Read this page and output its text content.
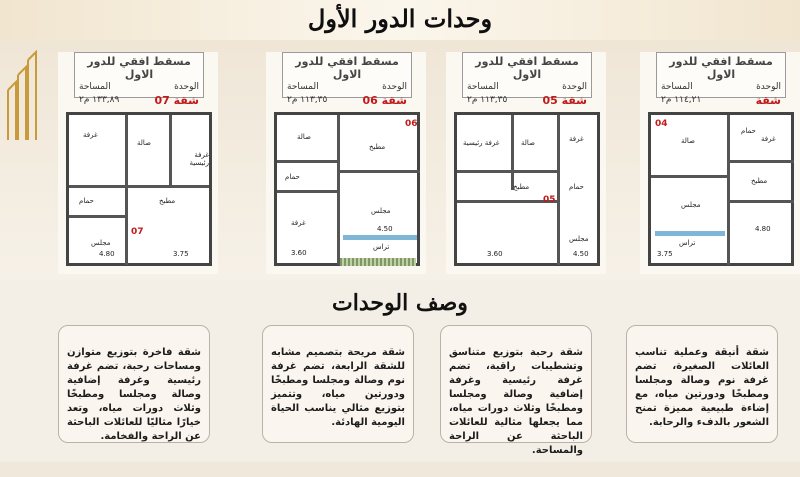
وحدات الدور الأول
مسقط افقي للدور الاول
الوحدة
المساحة
شقة 07
١٣٣,٨٩ م٢
غرفة
صالة
غرفة رئيسية
مطبخ
حمام
مجلس
4.80	3.75
07
مسقط افقي للدور الاول
الوحدة
المساحة
شقة 06
١١٣,٣٥ م٢
صالة
مطبخ
حمام
غرفة
مجلس
تراس
3.60
4.50
06
مسقط افقي للدور الاول
الوحدة
المساحة
شقة 05
١١٣,٣٥ م٢
غرفة رئيسية	صالة	غرفة
مطبخ	حمام
مجلس
3.60	4.50
05
مسقط افقي للدور الاول
الوحدة
المساحة
شقة
١١٤,٢١ م٢
صالة
حمام
غرفة
مطبخ
مجلس
تراس
3.75
4.80
04
وصف الوحدات
شقة فاخرة بتوزيع متوازن ومساحات رحبة، تضم غرفة رئيسية وغرفة إضافية وصالة ومجلسا ومطبخًا وثلاث دورات مياه، وتعد خيارًا مثاليًا للعائلات الباحثة عن الراحة والفخامة.
شقة مريحة بتصميم مشابه للشقة الرابعة، تضم غرفة نوم وصالة ومجلسا ومطبخًا ودورتين مياه، وتتميز بتوزيع مثالي يناسب الحياة اليومية الهادئة.
شقة رحبة بتوزيع متناسق وتشطيبات راقية، تضم غرفة رئيسية وغرفة إضافية وصالة ومجلسا ومطبخًا وثلاث دورات مياه، مما يجعلها مثالية للعائلات الباحثة عن الراحة والمساحة.
شقة أنيقة وعملية تناسب العائلات الصغيرة، تضم غرفة نوم وصالة ومجلسا ومطبخًا ودورتين مياه، مع إضاءة طبيعية مميزة تمنح الشعور بالدفء والرحابة.
